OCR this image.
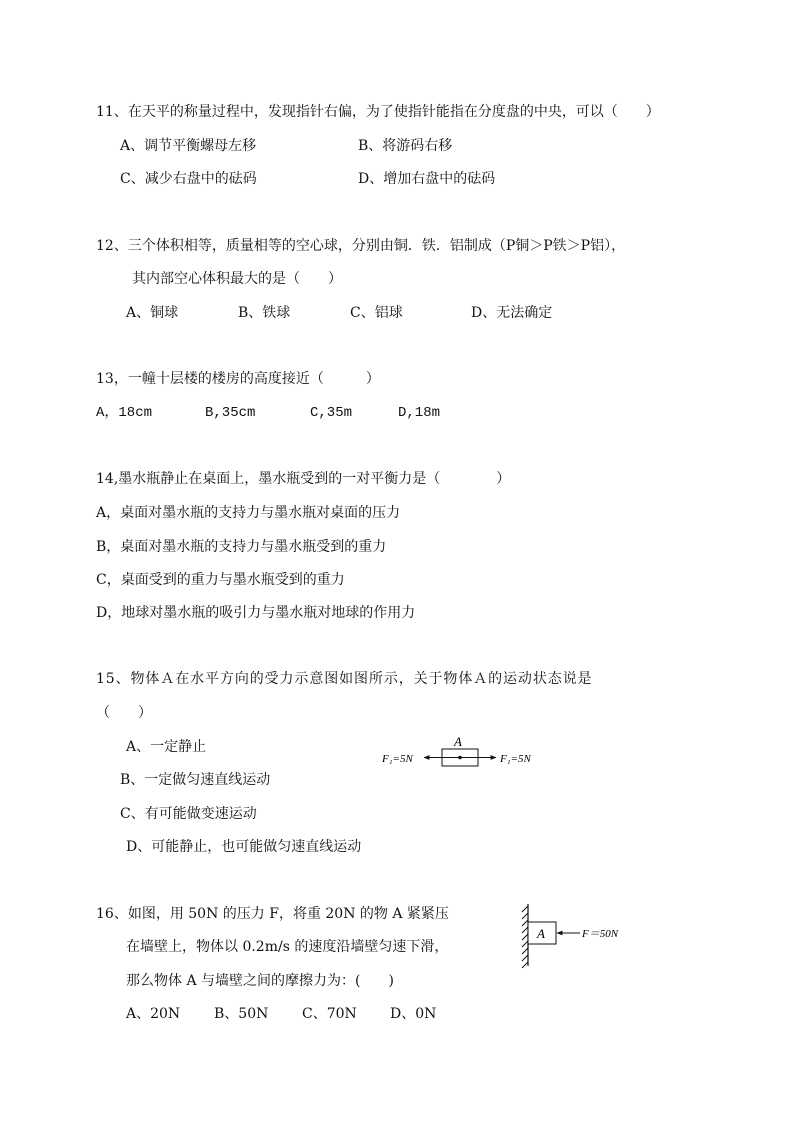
11、在天平的称量过程中，发现指针右偏，为了使指针能指在分度盘的中央，可以（　　）
A、调节平衡螺母左移	B、将游码右移
C、减少右盘中的砝码	D、增加右盘中的砝码
12、三个体积相等，质量相等的空心球，分别由铜．铁．铝制成（Ρ铜＞Ρ铁＞Ρ铝），
其内部空心体积最大的是（　　）
A、铜球	B、铁球	C、铝球	D、无法确定
13，一幢十层楼的楼房的高度接近（　　　）
A，18cm	B,35cm	C,35m	D,18m
14,墨水瓶静止在桌面上，墨水瓶受到的一对平衡力是（　　　　）
A，桌面对墨水瓶的支持力与墨水瓶对桌面的压力
B，桌面对墨水瓶的支持力与墨水瓶受到的重力
C，桌面受到的重力与墨水瓶受到的重力
D，地球对墨水瓶的吸引力与墨水瓶对地球的作用力
15、物体Ａ在水平方向的受力示意图如图所示，关于物体Ａ的运动状态说是
（　　）
A、一定静止
B、一定做匀速直线运动
C、有可能做变速运动
D、可能静止，也可能做匀速直线运动
A
F₁=5N	F₁=5N
16、如图，用 50N 的压力 F，将重 20N 的物 A 紧紧压
在墙壁上，物体以 0.2m/s 的速度沿墙壁匀速下滑，
那么物体 A 与墙壁之间的摩擦力为：(　　)
A、20N B、50N C、70N D、0N
A	F＝50N
